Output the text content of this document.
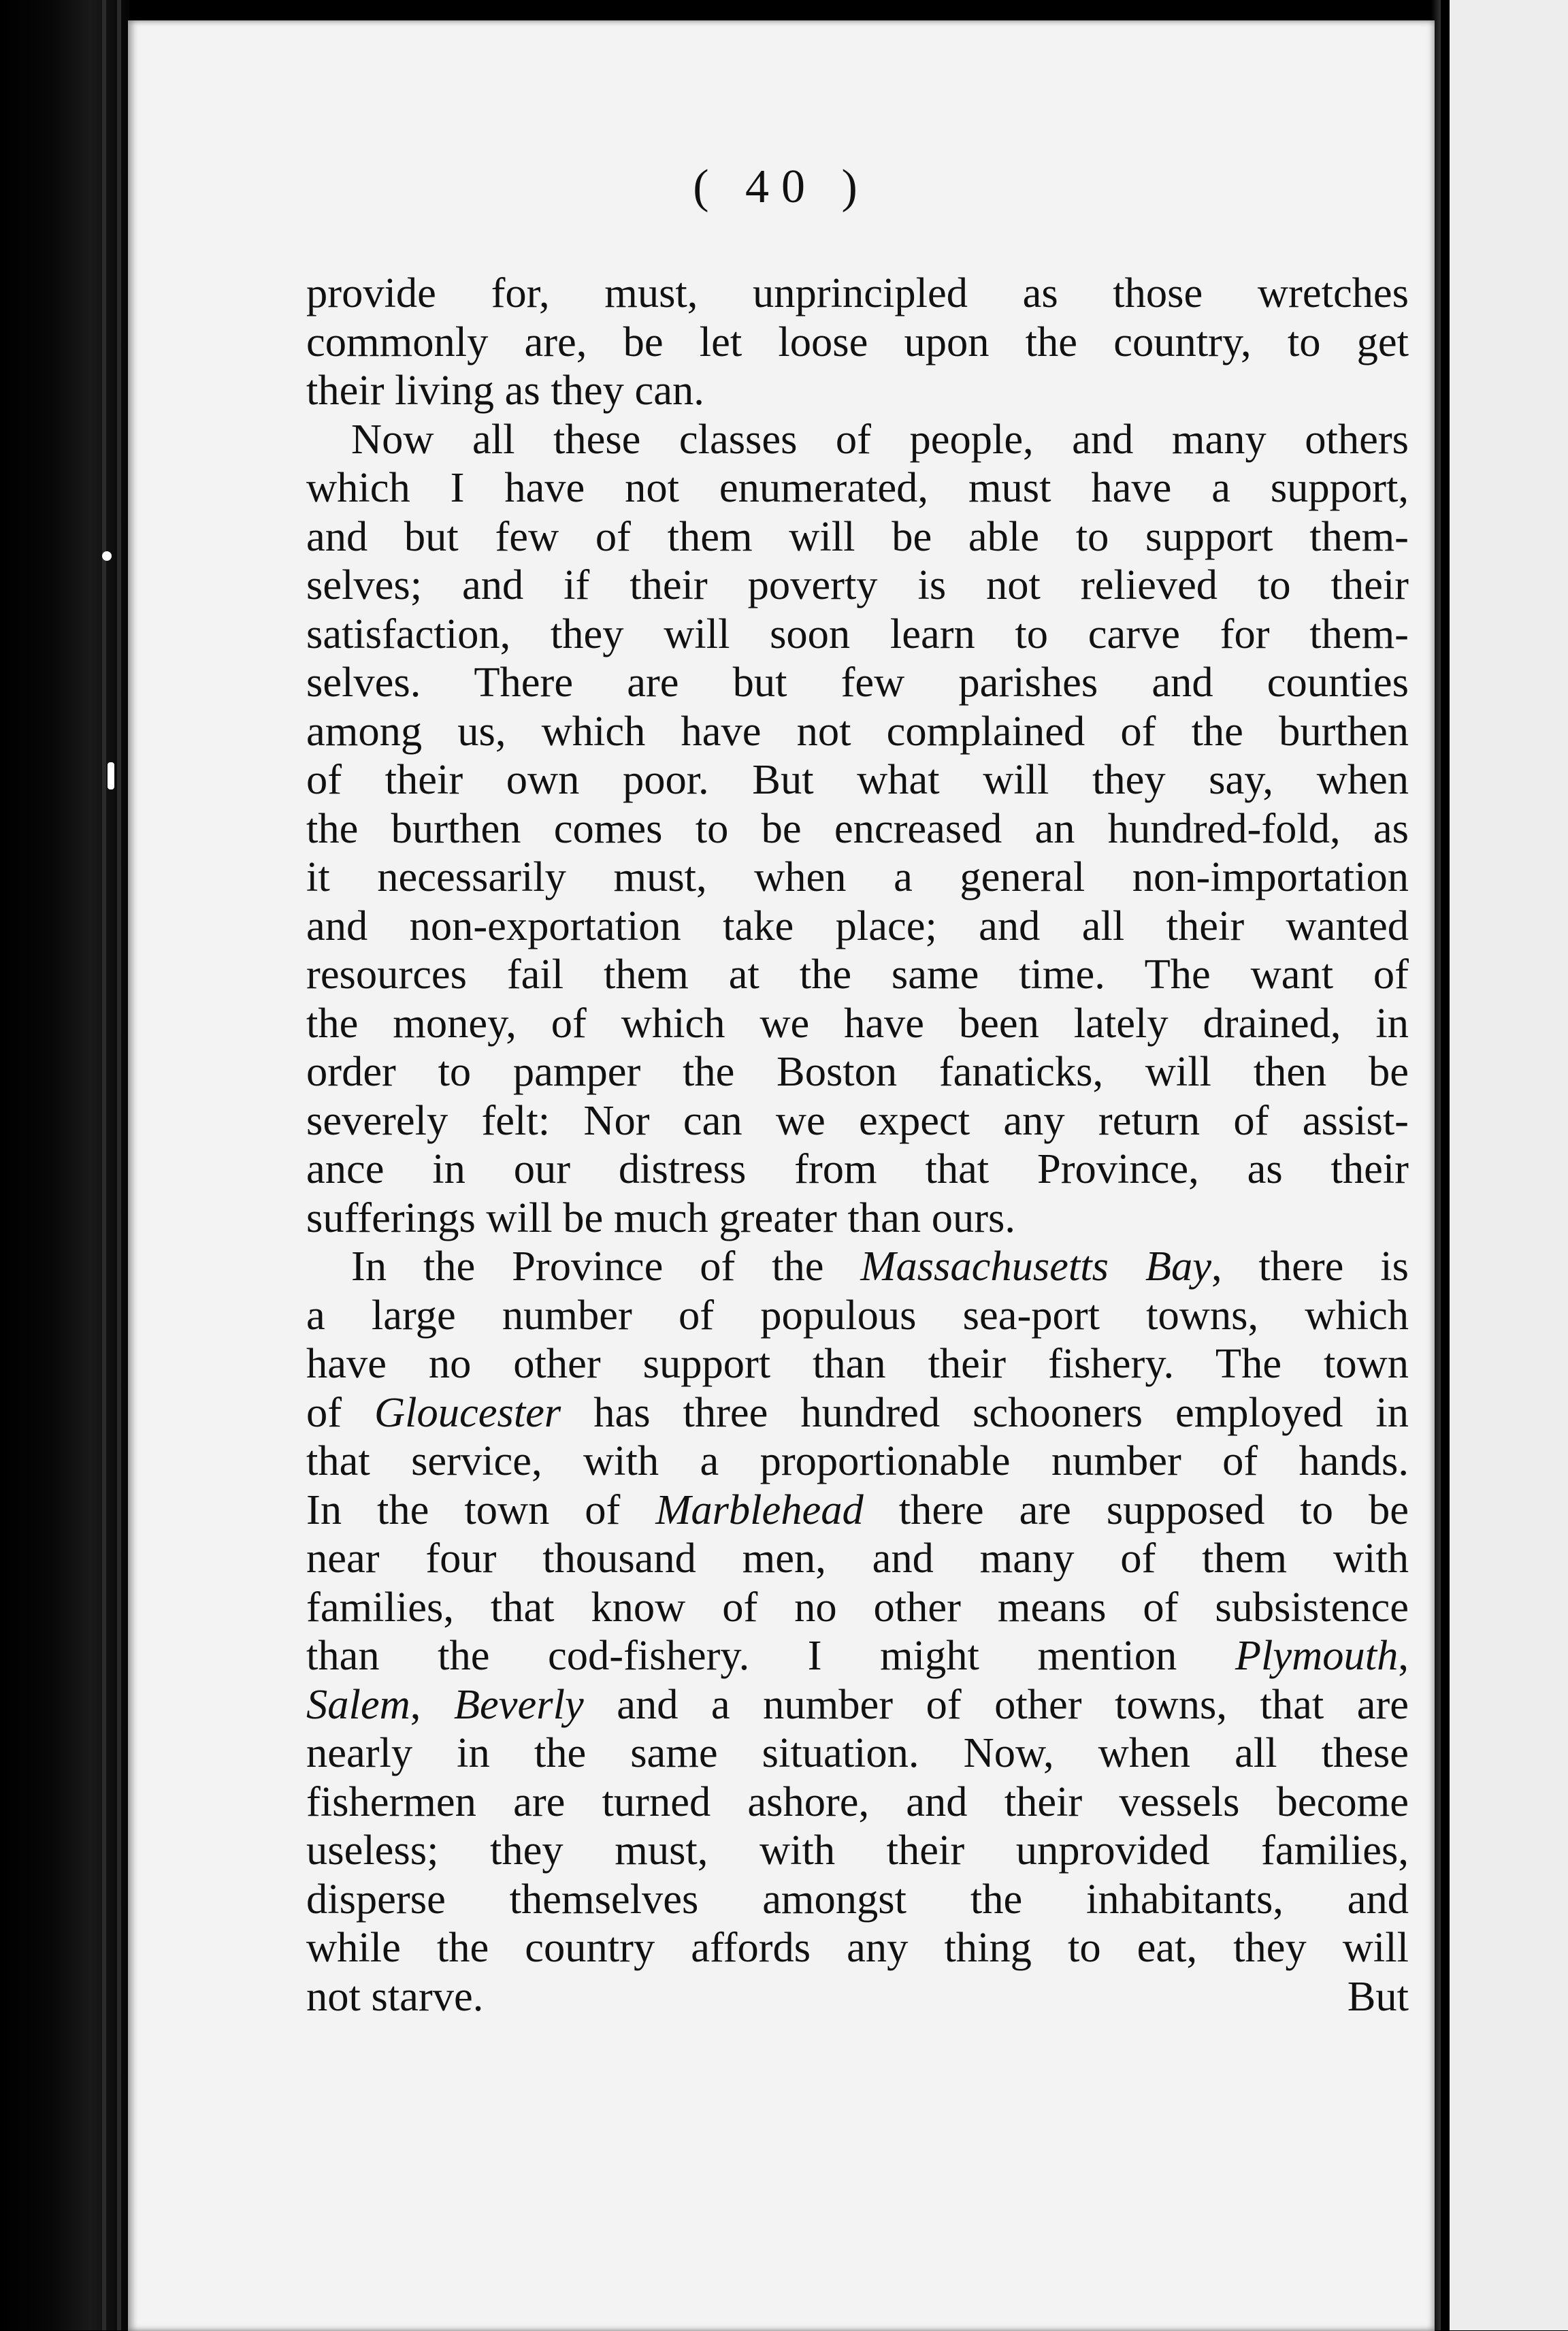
( 40 )
provide for, must, unprincipled as those wretches
commonly are, be let loose upon the country, to get
their living as they can.
Now all these classes of people, and many others
which I have not enumerated, must have a support,
and but few of them will be able to support them-
selves; and if their poverty is not relieved to their
satisfaction, they will soon learn to carve for them-
selves. There are but few parishes and counties
among us, which have not complained of the burthen
of their own poor. But what will they say, when
the burthen comes to be encreased an hundred-fold, as
it necessarily must, when a general non-importation
and non-exportation take place; and all their wanted
resources fail them at the same time. The want of
the money, of which we have been lately drained, in
order to pamper the Boston fanaticks, will then be
severely felt: Nor can we expect any return of assist-
ance in our distress from that Province, as their
sufferings will be much greater than ours.
In the Province of the Massachusetts Bay, there is
a large number of populous sea-port towns, which
have no other support than their fishery. The town
of Gloucester has three hundred schooners employed in
that service, with a proportionable number of hands.
In the town of Marblehead there are supposed to be
near four thousand men, and many of them with
families, that know of no other means of subsistence
than the cod-fishery. I might mention Plymouth,
Salem, Beverly and a number of other towns, that are
nearly in the same situation. Now, when all these
fishermen are turned ashore, and their vessels become
useless; they must, with their unprovided families,
disperse themselves amongst the inhabitants, and
while the country affords any thing to eat, they will
not starve.	But
